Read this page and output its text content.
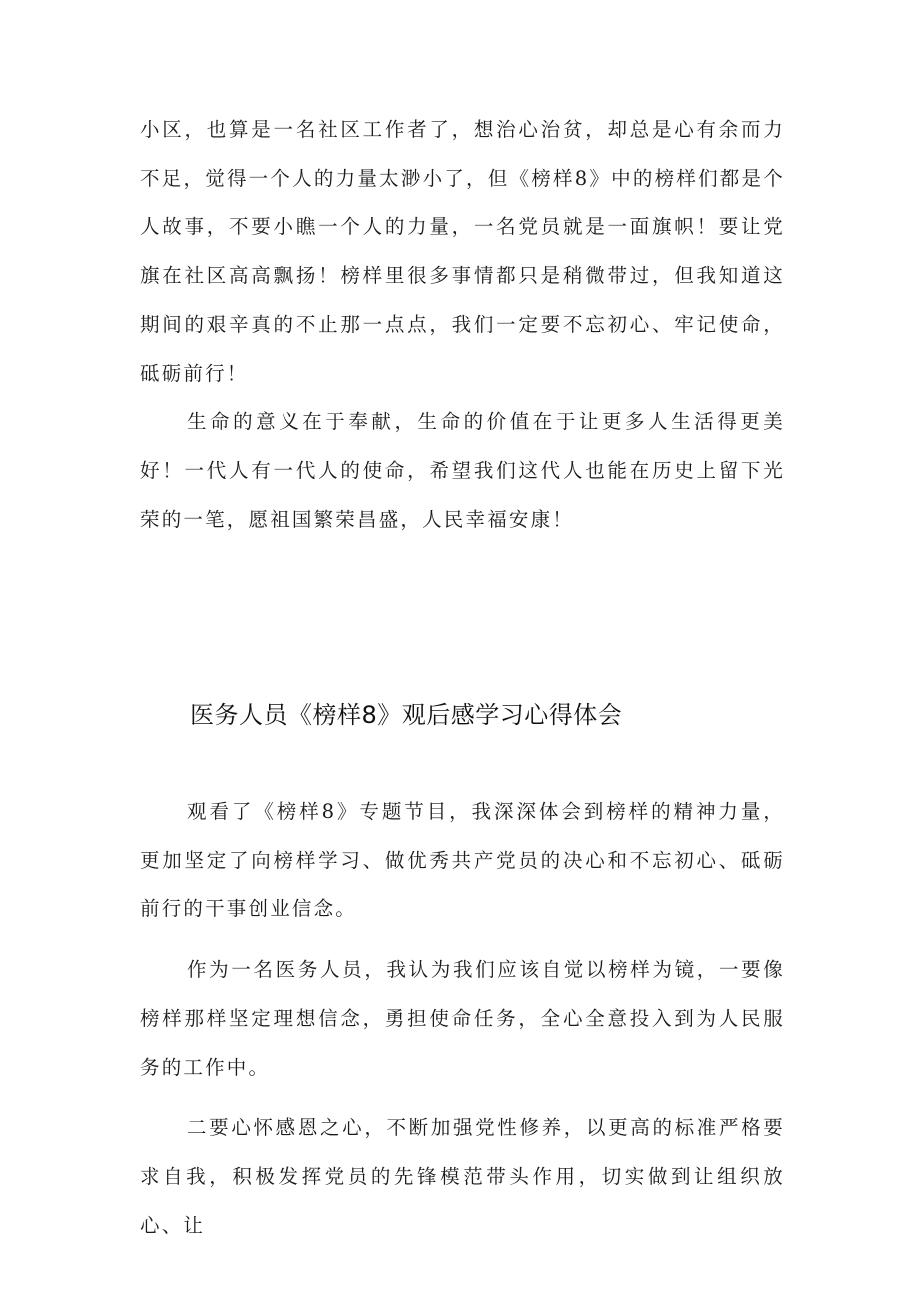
小区，也算是一名社区工作者了，想治心治贫，却总是心有余而力不足，觉得一个人的力量太渺小了，但《榜样8》中的榜样们都是个人故事，不要小瞧一个人的力量，一名党员就是一面旗帜！要让党旗在社区高高飘扬！榜样里很多事情都只是稍微带过，但我知道这期间的艰辛真的不止那一点点，我们一定要不忘初心、牢记使命，砥砺前行！

生命的意义在于奉献，生命的价值在于让更多人生活得更美好！一代人有一代人的使命，希望我们这代人也能在历史上留下光荣的一笔，愿祖国繁荣昌盛，人民幸福安康！

医务人员《榜样8》观后感学习心得体会

观看了《榜样8》专题节目，我深深体会到榜样的精神力量，更加坚定了向榜样学习、做优秀共产党员的决心和不忘初心、砥砺前行的干事创业信念。

作为一名医务人员，我认为我们应该自觉以榜样为镜，一要像榜样那样坚定理想信念，勇担使命任务，全心全意投入到为人民服务的工作中。

二要心怀感恩之心，不断加强党性修养，以更高的标准严格要求自我，积极发挥党员的先锋模范带头作用，切实做到让组织放心、让
